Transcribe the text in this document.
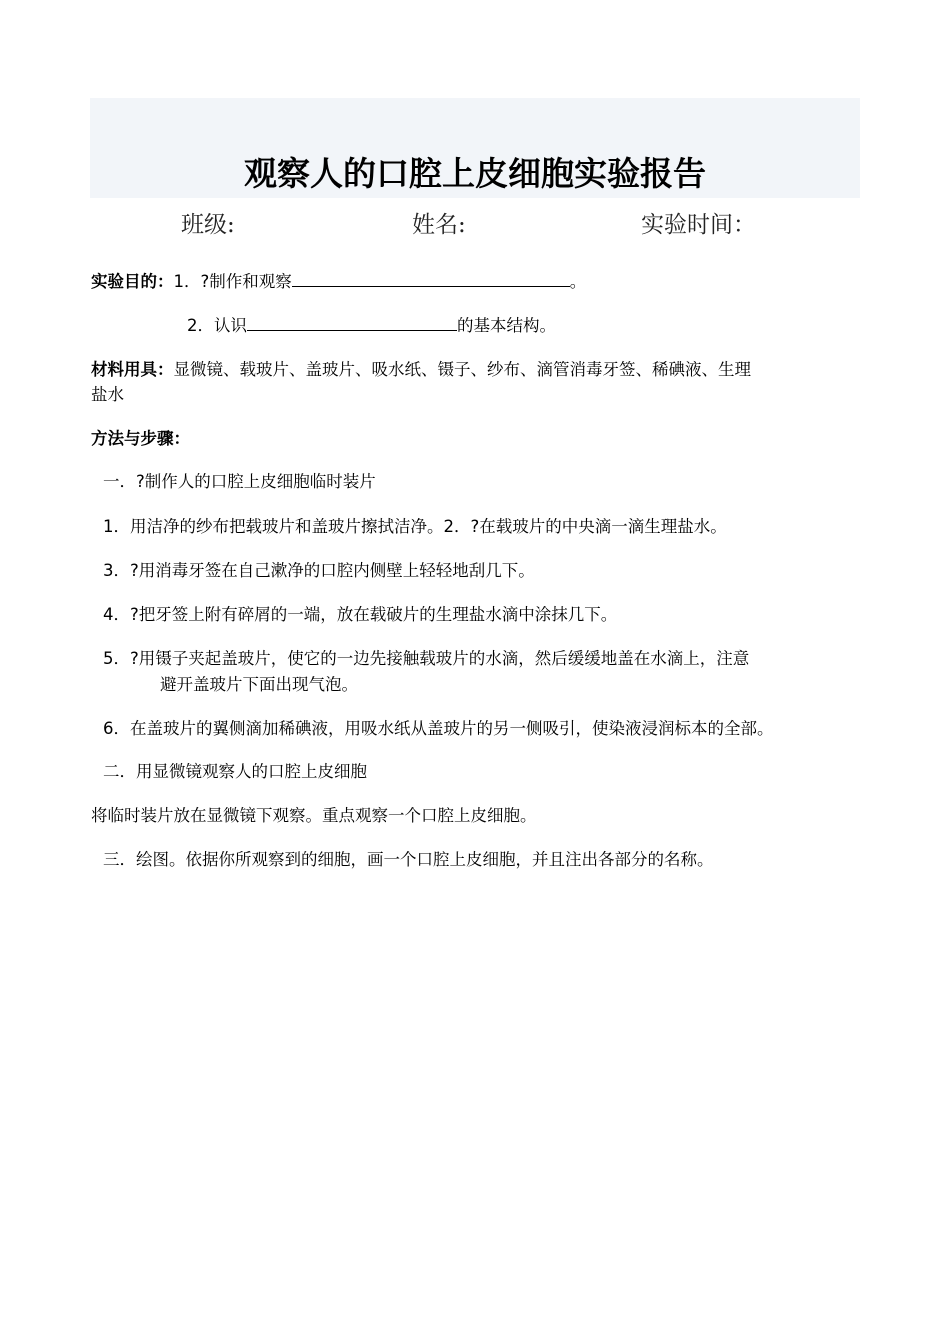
观察人的口腔上皮细胞实验报告
班级:	姓名:	实验时间：
实验目的：1．?制作和观察	。
2．认识	的基本结构。
材料用具：显微镜、载玻片、盖玻片、吸水纸、镊子、纱布、滴管消毒牙签、稀碘液、生理
盐水
方法与步骤：
一．?制作人的口腔上皮细胞临时装片
1．用洁净的纱布把载玻片和盖玻片擦拭洁净。2．?在载玻片的中央滴一滴生理盐水。
3．?用消毒牙签在自己漱净的口腔内侧壁上轻轻地刮几下。
4．?把牙签上附有碎屑的一端，放在载破片的生理盐水滴中涂抹几下。
5．?用镊子夹起盖玻片，使它的一边先接触载玻片的水滴，然后缓缓地盖在水滴上，注意
避开盖玻片下面出现气泡。
6．在盖玻片的翼侧滴加稀碘液，用吸水纸从盖玻片的另一侧吸引，使染液浸润标本的全部。
二．用显微镜观察人的口腔上皮细胞
将临时装片放在显微镜下观察。重点观察一个口腔上皮细胞。
三．绘图。依据你所观察到的细胞，画一个口腔上皮细胞，并且注出各部分的名称。
